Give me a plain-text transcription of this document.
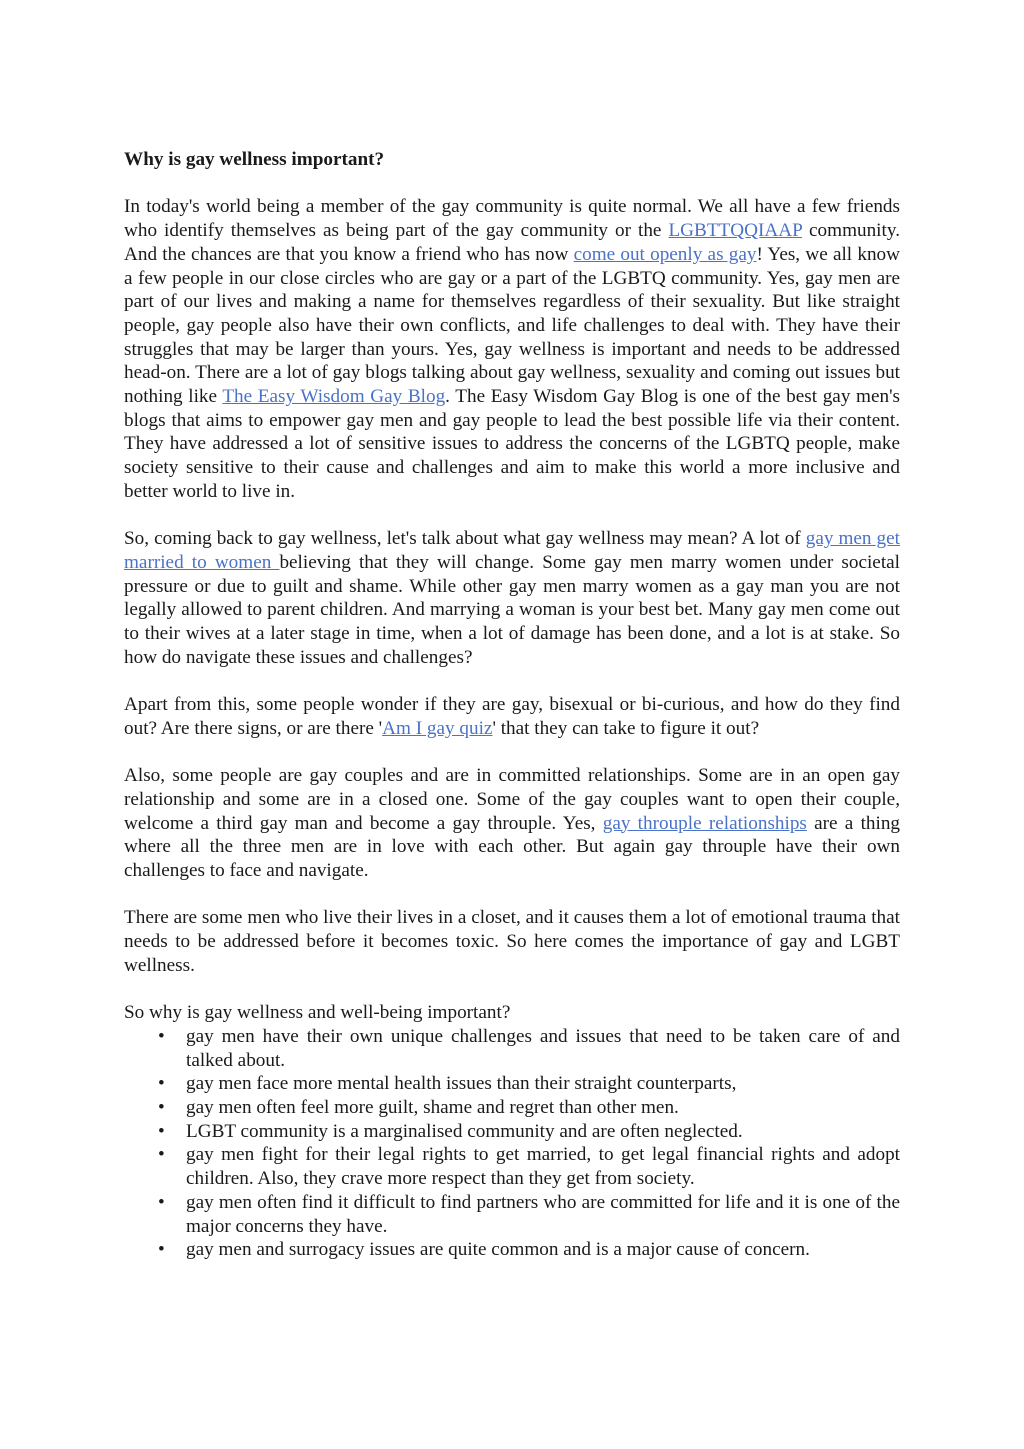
Why is gay wellness important?

In today's world being a member of the gay community is quite normal. We all have a few friends who identify themselves as being part of the gay community or the LGBTTQQIAAP community. And the chances are that you know a friend who has now come out openly as gay! Yes, we all know a few people in our close circles who are gay or a part of the LGBTQ community. Yes, gay men are part of our lives and making a name for themselves regardless of their sexuality. But like straight people, gay people also have their own conflicts, and life challenges to deal with. They have their struggles that may be larger than yours. Yes, gay wellness is important and needs to be addressed head-on. There are a lot of gay blogs talking about gay wellness, sexuality and coming out issues but nothing like The Easy Wisdom Gay Blog. The Easy Wisdom Gay Blog is one of the best gay men's blogs that aims to empower gay men and gay people to lead the best possible life via their content. They have addressed a lot of sensitive issues to address the concerns of the LGBTQ people, make society sensitive to their cause and challenges and aim to make this world a more inclusive and better world to live in.

So, coming back to gay wellness, let's talk about what gay wellness may mean? A lot of gay men get married to women believing that they will change. Some gay men marry women under societal pressure or due to guilt and shame. While other gay men marry women as a gay man you are not legally allowed to parent children. And marrying a woman is your best bet. Many gay men come out to their wives at a later stage in time, when a lot of damage has been done, and a lot is at stake. So how do navigate these issues and challenges?

Apart from this, some people wonder if they are gay, bisexual or bi-curious, and how do they find out? Are there signs, or are there 'Am I gay quiz' that they can take to figure it out?

Also, some people are gay couples and are in committed relationships. Some are in an open gay relationship and some are in a closed one. Some of the gay couples want to open their couple, welcome a third gay man and become a gay throuple. Yes, gay throuple relationships are a thing where all the three men are in love with each other. But again gay throuple have their own challenges to face and navigate.

There are some men who live their lives in a closet, and it causes them a lot of emotional trauma that needs to be addressed before it becomes toxic. So here comes the importance of gay and LGBT wellness.

So why is gay wellness and well-being important?
• gay men have their own unique challenges and issues that need to be taken care of and talked about.
• gay men face more mental health issues than their straight counterparts,
• gay men often feel more guilt, shame and regret than other men.
• LGBT community is a marginalised community and are often neglected.
• gay men fight for their legal rights to get married, to get legal financial rights and adopt children. Also, they crave more respect than they get from society.
• gay men often find it difficult to find partners who are committed for life and it is one of the major concerns they have.
• gay men and surrogacy issues are quite common and is a major cause of concern.
